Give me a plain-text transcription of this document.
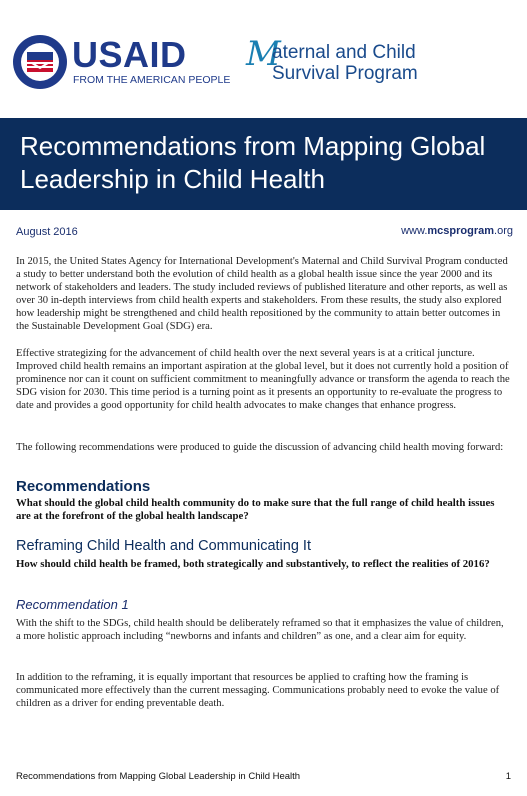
USAID
FROM THE AMERICAN PEOPLE
M
aternal and Child
Survival Program
Recommendations from Mapping Global Leadership in Child Health
August 2016	www.mcsprogram.org
In 2015, the United States Agency for International Development's Maternal and Child Survival Program conducted a study to better understand both the evolution of child health as a global health issue since the year 2000 and its network of stakeholders and leaders. The study included reviews of published literature and other reports, as well as over 30 in-depth interviews from child health experts and stakeholders. From these results, the study also explored how leadership might be strengthened and child health repositioned by the community to attain better outcomes in the Sustainable Development Goal (SDG) era.
Effective strategizing for the advancement of child health over the next several years is at a critical juncture. Improved child health remains an important aspiration at the global level, but it does not currently hold a position of prominence nor can it count on sufficient commitment to meaningfully advance or transform the agenda to reach the SDG vision for 2030. This time period is a turning point as it presents an opportunity to re-evaluate the progress to date and provides a good opportunity for child health advocates to make changes that enhance progress.
The following recommendations were produced to guide the discussion of advancing child health moving forward:
Recommendations
What should the global child health community do to make sure that the full range of child health issues are at the forefront of the global health landscape?
Reframing Child Health and Communicating It
How should child health be framed, both strategically and substantively, to reflect the realities of 2016?
Recommendation 1
With the shift to the SDGs, child health should be deliberately reframed so that it emphasizes the value of children, a more holistic approach including “newborns and infants and children” as one, and a clear aim for equity.
In addition to the reframing, it is equally important that resources be applied to crafting how the framing is communicated more effectively than the current messaging. Communications probably need to evoke the value of children as a driver for ending preventable death.
Recommendations from Mapping Global Leadership in Child Health	1
